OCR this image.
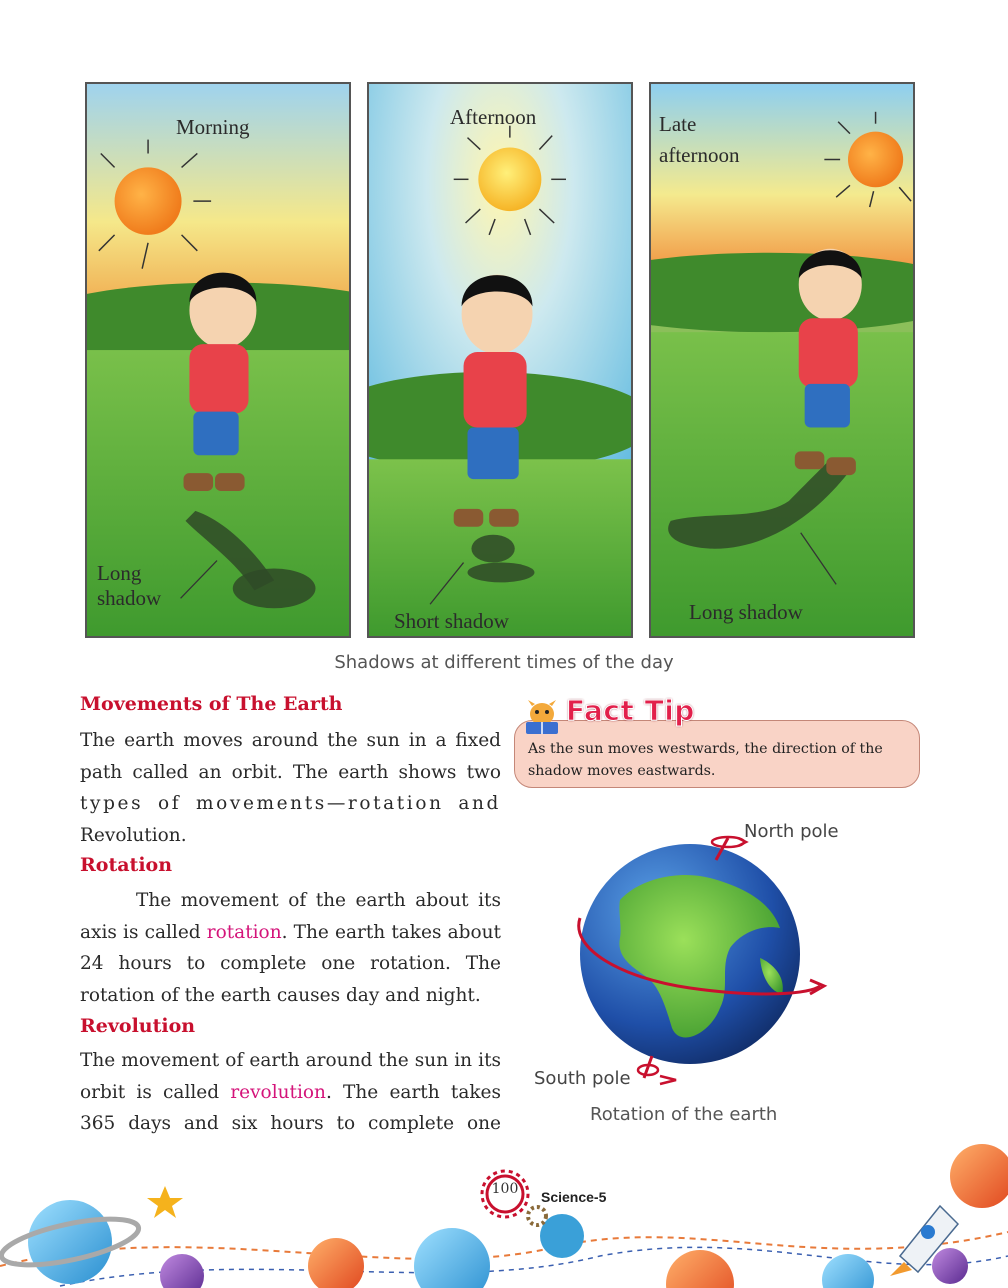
Morning
Long
shadow
Afternoon
Short shadow
Late
afternoon
Long shadow
Shadows at different times of the day
Movements of The Earth
The earth moves around the sun in a fixed
path called an orbit. The earth shows two
types of movements—rotation and
Revolution.
Rotation
The movement of the earth about its axis is called rotation. The earth takes about 24 hours to complete one rotation. The rotation of the earth causes day and night.
Revolution
The movement of earth around the sun in its orbit is called revolution. The earth takes 365 days and six hours to complete one
Fact Tip
As the sun moves westwards, the direction of the shadow moves eastwards.
North pole
South pole
Rotation of the earth
100 Science-5
